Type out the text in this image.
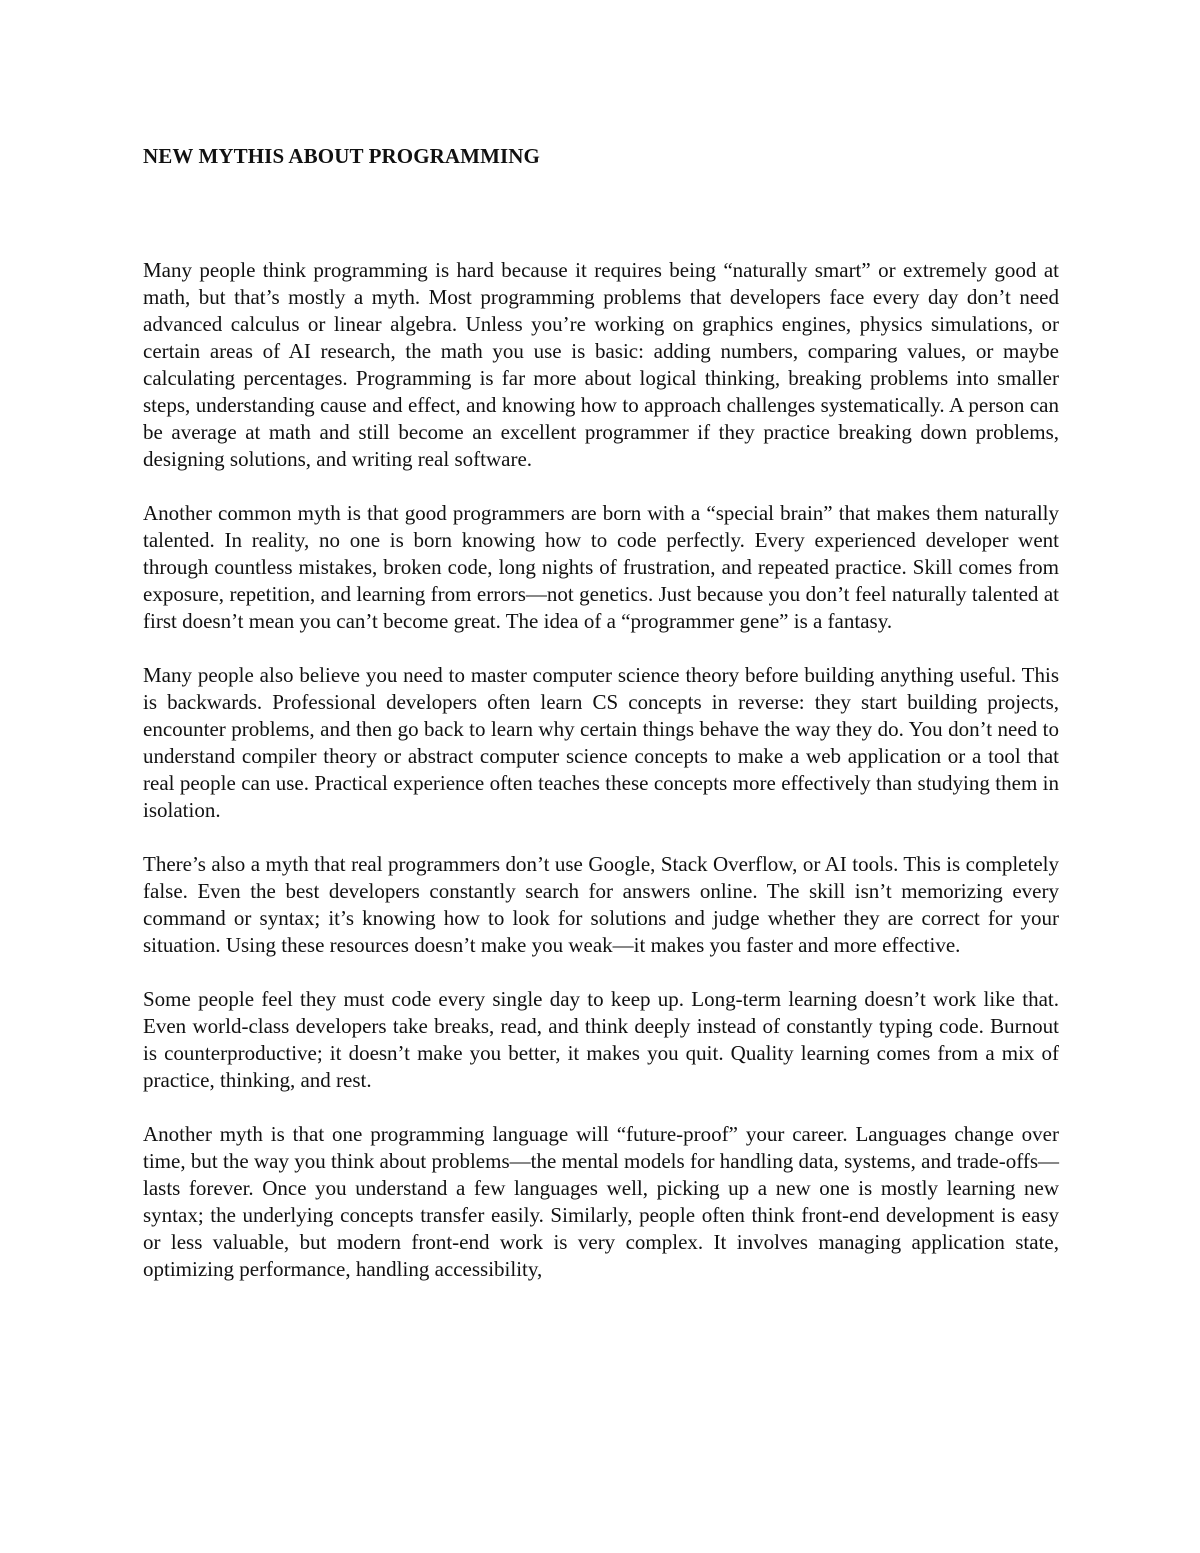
NEW MYTHIS ABOUT PROGRAMMING

Many people think programming is hard because it requires being “naturally smart” or extremely good at math, but that’s mostly a myth. Most programming problems that developers face every day don’t need advanced calculus or linear algebra. Unless you’re working on graphics engines, physics simulations, or certain areas of AI research, the math you use is basic: adding numbers, comparing values, or maybe calculating percentages. Programming is far more about logical thinking, breaking problems into smaller steps, understanding cause and effect, and knowing how to approach challenges systematically. A person can be average at math and still become an excellent programmer if they practice breaking down problems, designing solutions, and writing real software.

Another common myth is that good programmers are born with a “special brain” that makes them naturally talented. In reality, no one is born knowing how to code perfectly. Every experienced developer went through countless mistakes, broken code, long nights of frustration, and repeated practice. Skill comes from exposure, repetition, and learning from errors—not genetics. Just because you don’t feel naturally talented at first doesn’t mean you can’t become great. The idea of a “programmer gene” is a fantasy.

Many people also believe you need to master computer science theory before building anything useful. This is backwards. Professional developers often learn CS concepts in reverse: they start building projects, encounter problems, and then go back to learn why certain things behave the way they do. You don’t need to understand compiler theory or abstract computer science concepts to make a web application or a tool that real people can use. Practical experience often teaches these concepts more effectively than studying them in isolation.

There’s also a myth that real programmers don’t use Google, Stack Overflow, or AI tools. This is completely false. Even the best developers constantly search for answers online. The skill isn’t memorizing every command or syntax; it’s knowing how to look for solutions and judge whether they are correct for your situation. Using these resources doesn’t make you weak—it makes you faster and more effective.

Some people feel they must code every single day to keep up. Long-term learning doesn’t work like that. Even world-class developers take breaks, read, and think deeply instead of constantly typing code. Burnout is counterproductive; it doesn’t make you better, it makes you quit. Quality learning comes from a mix of practice, thinking, and rest.

Another myth is that one programming language will “future-proof” your career. Languages change over time, but the way you think about problems—the mental models for handling data, systems, and trade-offs—lasts forever. Once you understand a few languages well, picking up a new one is mostly learning new syntax; the underlying concepts transfer easily. Similarly, people often think front-end development is easy or less valuable, but modern front-end work is very complex. It involves managing application state, optimizing performance, handling accessibility,
